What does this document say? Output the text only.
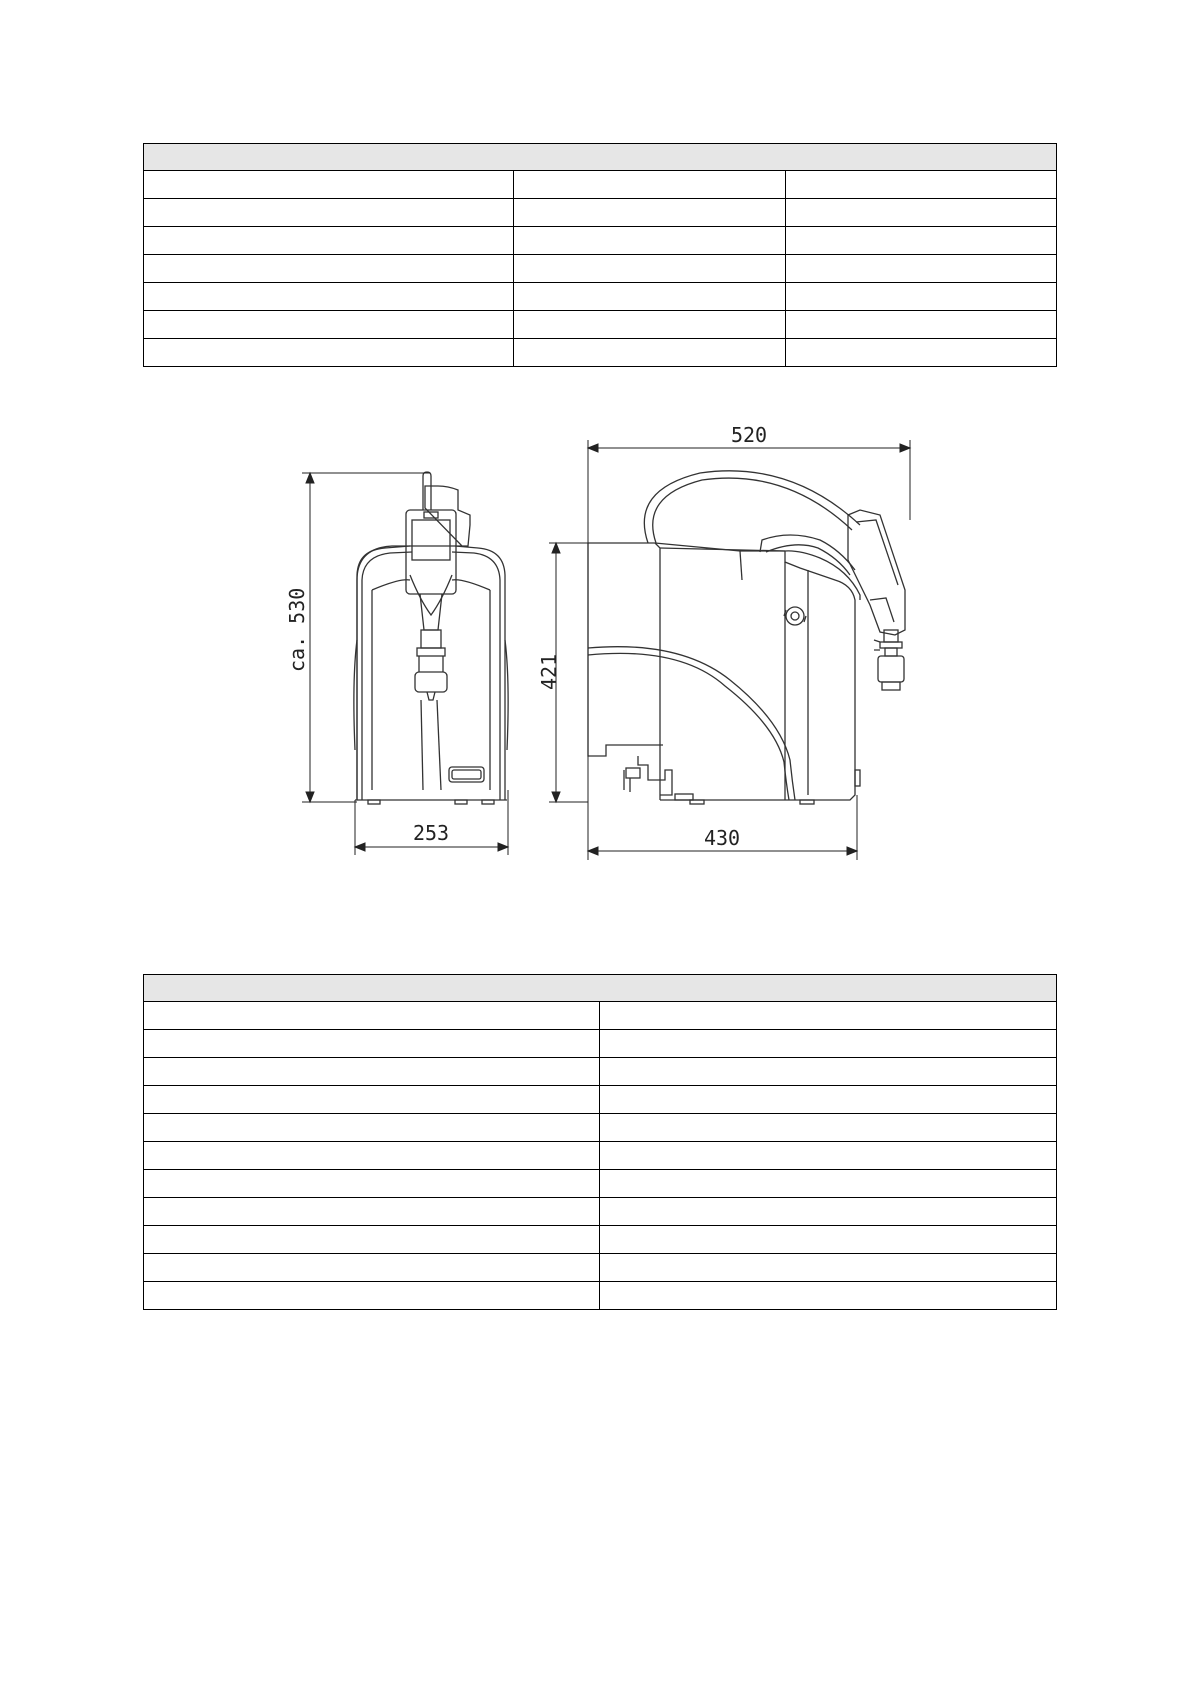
ca. 530
253
520
421
430
